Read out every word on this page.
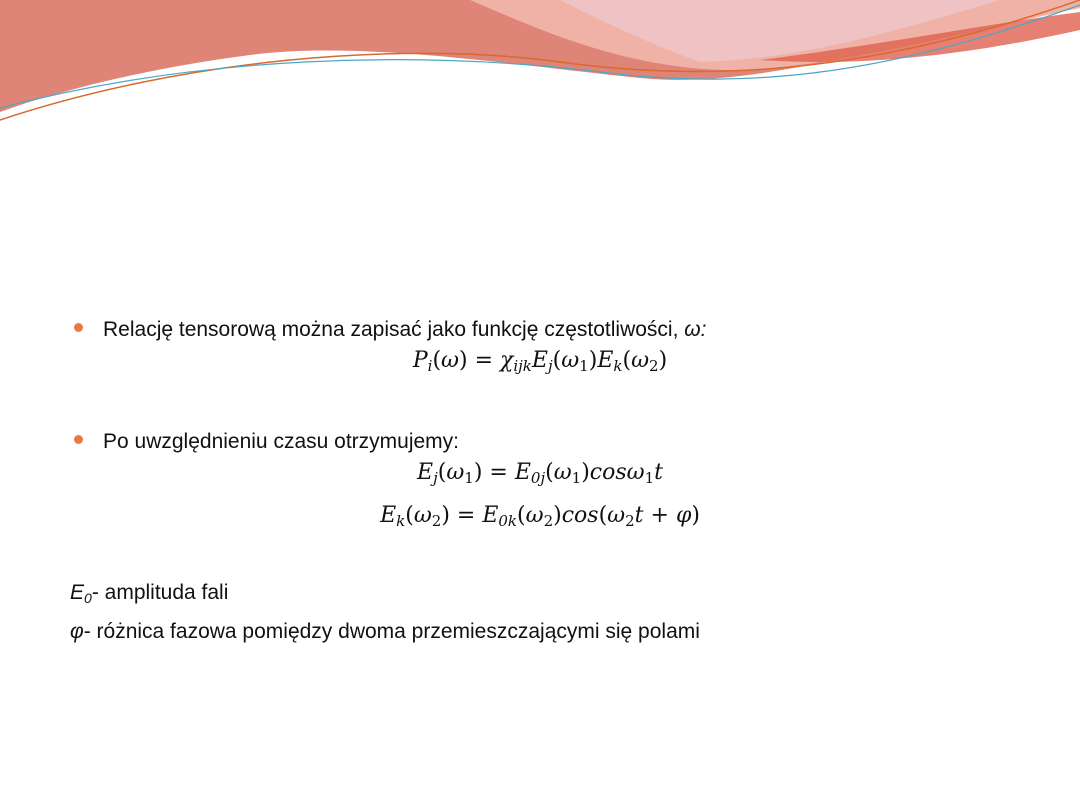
Relację tensorową można zapisać jako funkcję częstotliwości, ω:
$P_i(\omega) = \chi_{ijk}E_j(\omega_1)E_k(\omega_2)$
Po uwzględnieniu czasu otrzymujemy:
$E_j(\omega_1) = E_{0j}(\omega_1)\cos\omega_1t$
$E_k(\omega_2) = E_{0k}(\omega_2)\cos(\omega_2t + \varphi)$
$E_0-$ amplituda fali
φ- różnica fazowa pomiędzy dwoma przemieszczającymi się polami
